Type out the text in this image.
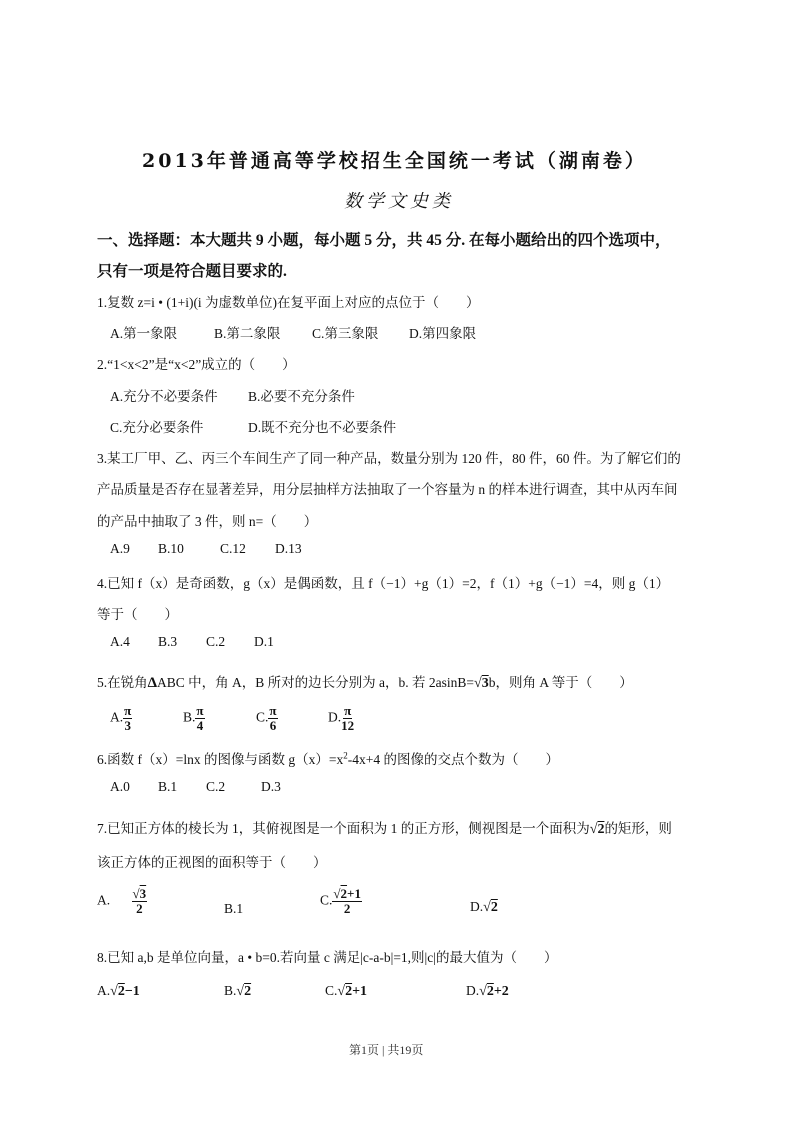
2013年普通高等学校招生全国统一考试（湖南卷）
数学文史类
一、选择题：本大题共 9 小题，每小题 5 分，共 45 分. 在每小题给出的四个选项中，
只有一项是符合题目要求的.
1.复数 z=i • (1+i)(i 为虚数单位)在复平面上对应的点位于（　　）
A.第一象限	B.第二象限 C.第三象限 D.第四象限
2.“1<x<2”是“x<2”成立的（　　）
A.充分不必要条件 B.必要不充分条件
C.充分必要条件	D.既不充分也不必要条件
3.某工厂甲、乙、丙三个车间生产了同一种产品，数量分别为 120 件，80 件，60 件。为了解它们的
产品质量是否存在显著差异，用分层抽样方法抽取了一个容量为 n 的样本进行调查，其中从丙车间
的产品中抽取了 3 件，则 n=（　　）
A.9 B.10	C.12 D.13
4.已知 f（x）是奇函数，g（x）是偶函数，且 f（−1）+g（1）=2，f（1）+g（−1）=4，则 g（1）
等于（　　）
A.4 B.3 C.2 D.1
5.在锐角ΔABC 中，角 A，B 所对的边长分别为 a，b. 若 2asinB=√3b，则角 A 等于（　　）
A. $\frac{\pi}{3}$	B. $\frac{\pi}{4}$	C. $\frac{\pi}{6}$	D. $\frac{\pi}{12}$
6.函数 f（x）=lnx 的图像与函数 $g(x)=x^2-4x+4$ 的图像的交点个数为（　　）
A.0 B.1 C.2	D.3
7.已知正方体的棱长为 1，其俯视图是一个面积为 1 的正方形，侧视图是一个面积为√2的矩形，则
该正方体的正视图的面积等于（　　）
A. $\frac{√3}{2}$	B.1
C. $\frac{√2+1}{2}$	D.√2
8.已知 a,b 是单位向量，a • b=0.若向量 c 满足|c-a-b|=1,则|c|的最大值为（　　）
A.√2−1	B.√2	C.√2+1	D.√2+2
第1页 | 共19页
